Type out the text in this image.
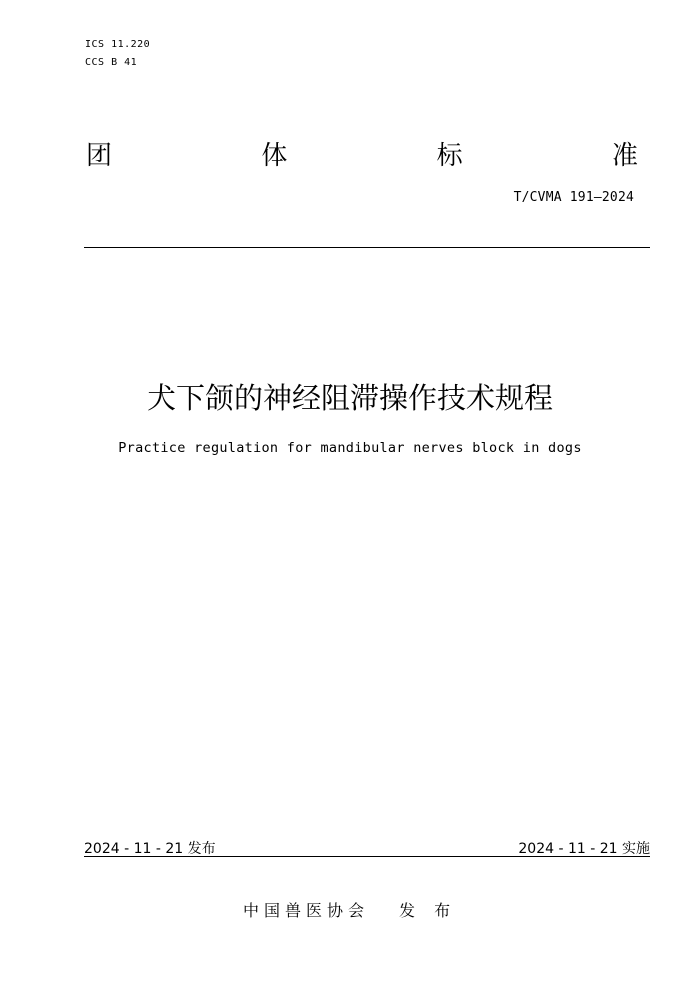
ICS 11.220
CCS B 41
团	体	标	准
T/CVMA 191—2024
犬下颌的神经阻滞操作技术规程
Practice regulation for mandibular nerves block in dogs
2024 - 11 - 21 发布	2024 - 11 - 21 实施
中国兽医协会 发 布
